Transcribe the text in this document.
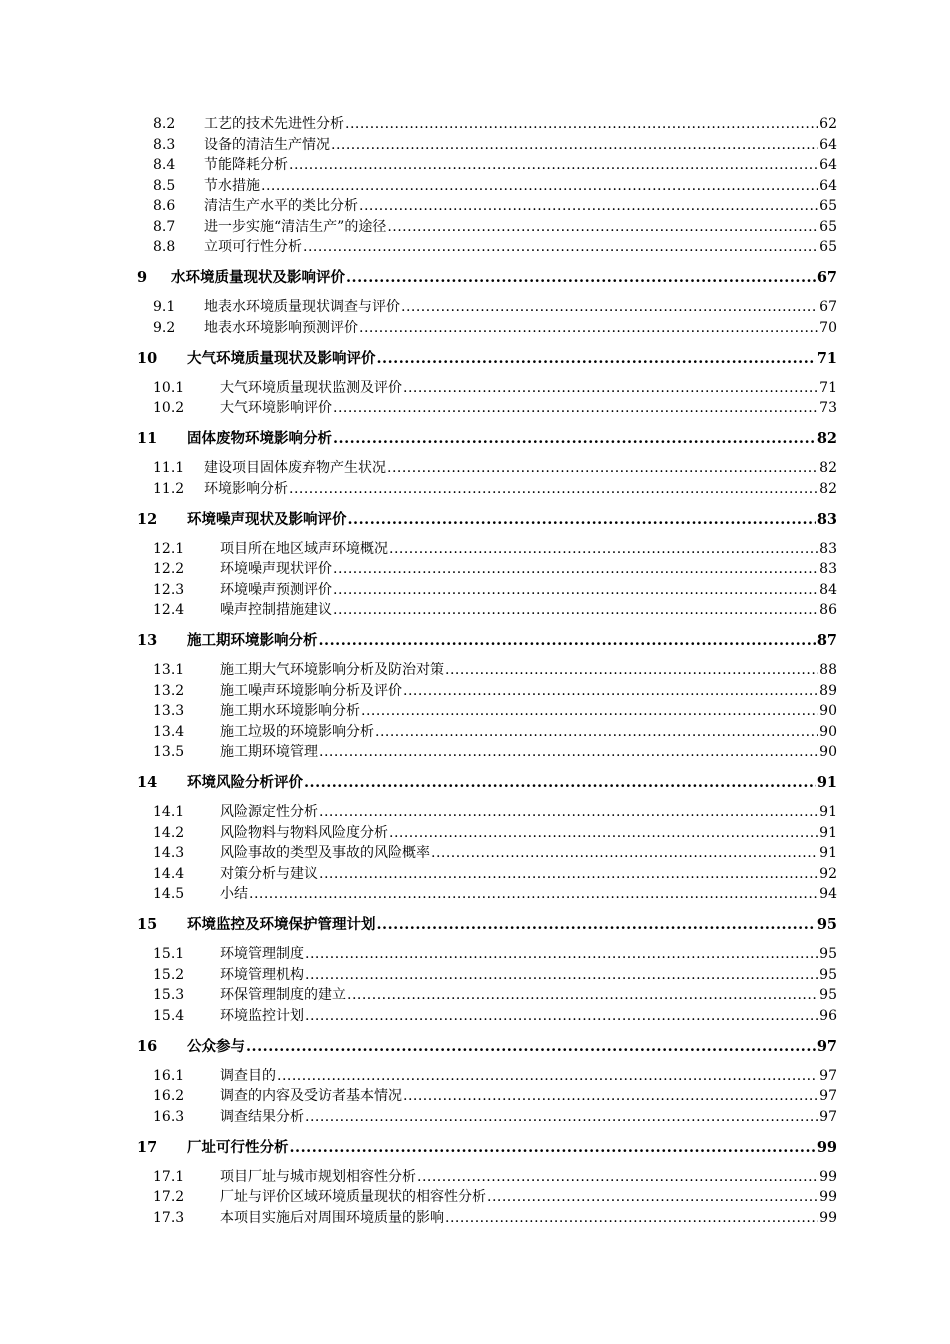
8.2	工艺的技术先进性分析 .....	62
8.3	设备的清洁生产情况 .....	64
8.4	节能降耗分析 .....	64
8.5	节水措施 .....	64
8.6	清洁生产水平的类比分析 .....	65
8.7	进一步实施“清洁生产”的途径 .....	65
8.8	立项可行性分析 .....	65
9	水环境质量现状及影响评价 .....	67
9.1	地表水环境质量现状调查与评价 .....	67
9.2	地表水环境影响预测评价 .....	70
10	大气环境质量现状及影响评价 .....	71
10.1	大气环境质量现状监测及评价 .....	71
10.2	大气环境影响评价 .....	73
11	固体废物环境影响分析 .....	82
11.1	建设项目固体废弃物产生状况 .....	82
11.2	环境影响分析 .....	82
12	环境噪声现状及影响评价 .....	83
12.1	项目所在地区域声环境概况 .....	83
12.2	环境噪声现状评价 .....	83
12.3	环境噪声预测评价 .....	84
12.4	噪声控制措施建议 .....	86
13	施工期环境影响分析 .....	87
13.1	施工期大气环境影响分析及防治对策 .....	88
13.2	施工噪声环境影响分析及评价 .....	89
13.3	施工期水环境影响分析 .....	90
13.4	施工垃圾的环境影响分析 .....	90
13.5	施工期环境管理 .....	90
14	环境风险分析评价 .....	91
14.1	风险源定性分析 .....	91
14.2	风险物料与物料风险度分析 .....	91
14.3	风险事故的类型及事故的风险概率 .....	91
14.4	对策分析与建议 .....	92
14.5	小结 .....	94
15	环境监控及环境保护管理计划 .....	95
15.1	环境管理制度 .....	95
15.2	环境管理机构 .....	95
15.3	环保管理制度的建立 .....	95
15.4	环境监控计划 .....	96
16	公众参与 .....	97
16.1	调查目的 .....	97
16.2	调查的内容及受访者基本情况 .....	97
16.3	调查结果分析 .....	97
17	厂址可行性分析 .....	99
17.1	项目厂址与城市规划相容性分析 .....	99
17.2	厂址与评价区域环境质量现状的相容性分析 .....	99
17.3	本项目实施后对周围环境质量的影响 .....	99
